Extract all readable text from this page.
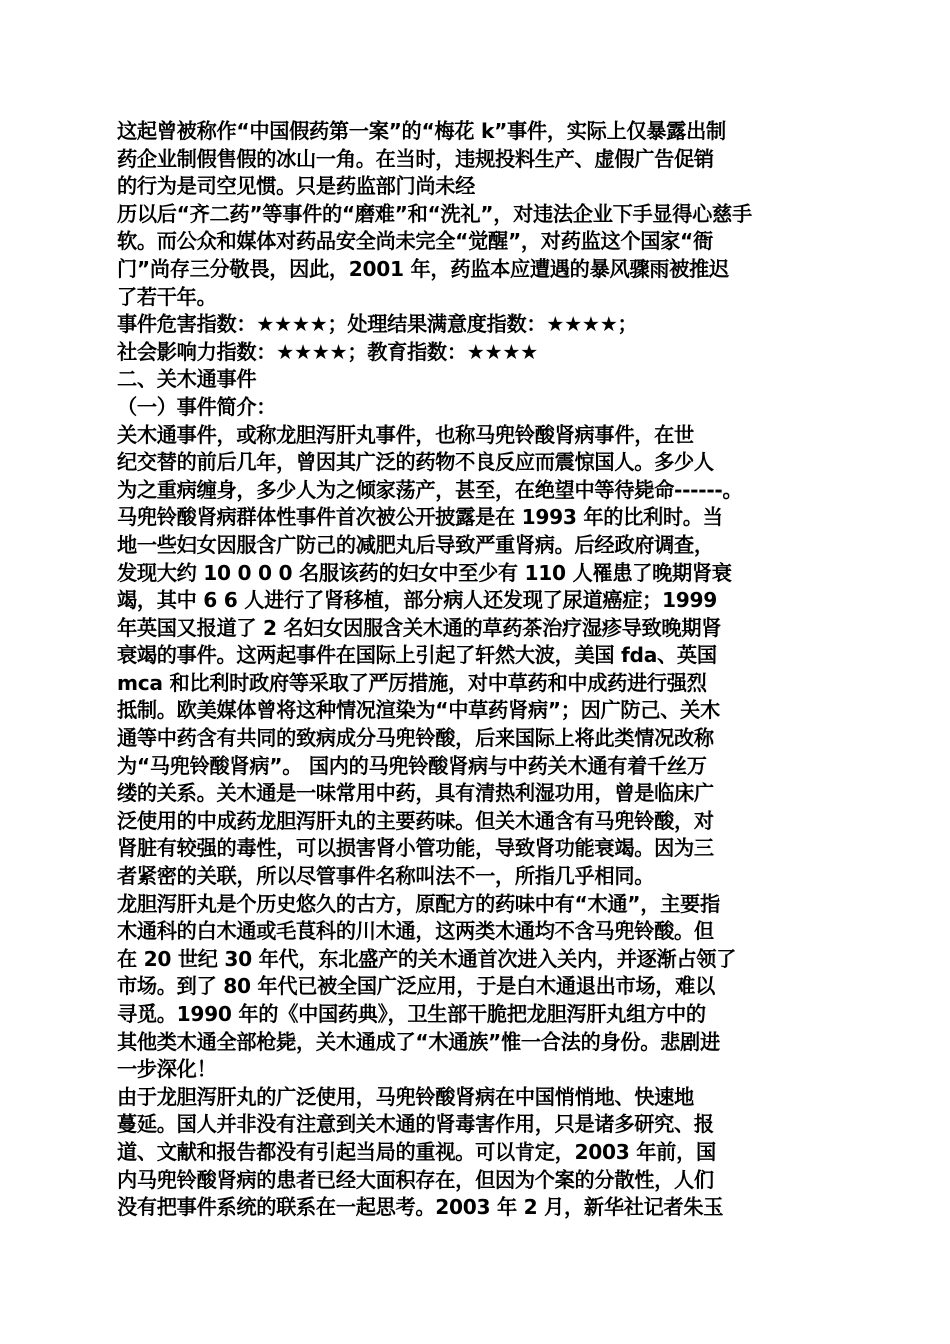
这起曾被称作“中国假药第一案”的“梅花 k”事件，实际上仅暴露出制
药企业制假售假的冰山一角。在当时，违规投料生产、虚假广告促销
的行为是司空见惯。只是药监部门尚未经
历以后“齐二药”等事件的“磨难”和“洗礼”，对违法企业下手显得心慈手
软。而公众和媒体对药品安全尚未完全“觉醒”，对药监这个国家“衙
门”尚存三分敬畏，因此，2001 年，药监本应遭遇的暴风骤雨被推迟
了若干年。
事件危害指数：★★★★；处理结果满意度指数：★★★★；
社会影响力指数：★★★★；教育指数：★★★★
二、关木通事件
（一）事件简介：
关木通事件，或称龙胆泻肝丸事件，也称马兜铃酸肾病事件，在世
纪交替的前后几年，曾因其广泛的药物不良反应而震惊国人。多少人
为之重病缠身，多少人为之倾家荡产，甚至，在绝望中等待毙命------。
马兜铃酸肾病群体性事件首次被公开披露是在 1993 年的比利时。当
地一些妇女因服含广防己的减肥丸后导致严重肾病。后经政府调查，
发现大约 10 0 0 0 名服该药的妇女中至少有 110 人罹患了晚期肾衰
竭，其中 6 6 人进行了肾移植，部分病人还发现了尿道癌症；1999
年英国又报道了 2 名妇女因服含关木通的草药茶治疗湿疹导致晚期肾
衰竭的事件。这两起事件在国际上引起了轩然大波，美国 fda、英国
mca 和比利时政府等采取了严厉措施，对中草药和中成药进行强烈
抵制。欧美媒体曾将这种情况渲染为“中草药肾病”；因广防己、关木
通等中药含有共同的致病成分马兜铃酸，后来国际上将此类情况改称
为“马兜铃酸肾病”。 国内的马兜铃酸肾病与中药关木通有着千丝万
缕的关系。关木通是一味常用中药，具有清热利湿功用，曾是临床广
泛使用的中成药龙胆泻肝丸的主要药味。但关木通含有马兜铃酸，对
肾脏有较强的毒性，可以损害肾小管功能，导致肾功能衰竭。因为三
者紧密的关联，所以尽管事件名称叫法不一，所指几乎相同。
龙胆泻肝丸是个历史悠久的古方，原配方的药味中有“木通”，主要指
木通科的白木通或毛茛科的川木通，这两类木通均不含马兜铃酸。但
在 20 世纪 30 年代，东北盛产的关木通首次进入关内，并逐渐占领了
市场。到了 80 年代已被全国广泛应用，于是白木通退出市场，难以
寻觅。1990 年的《中国药典》，卫生部干脆把龙胆泻肝丸组方中的
其他类木通全部枪毙，关木通成了“木通族”惟一合法的身份。悲剧进
一步深化！
由于龙胆泻肝丸的广泛使用，马兜铃酸肾病在中国悄悄地、快速地
蔓延。国人并非没有注意到关木通的肾毒害作用，只是诸多研究、报
道、文献和报告都没有引起当局的重视。可以肯定，2003 年前，国
内马兜铃酸肾病的患者已经大面积存在，但因为个案的分散性，人们
没有把事件系统的联系在一起思考。2003 年 2 月，新华社记者朱玉
